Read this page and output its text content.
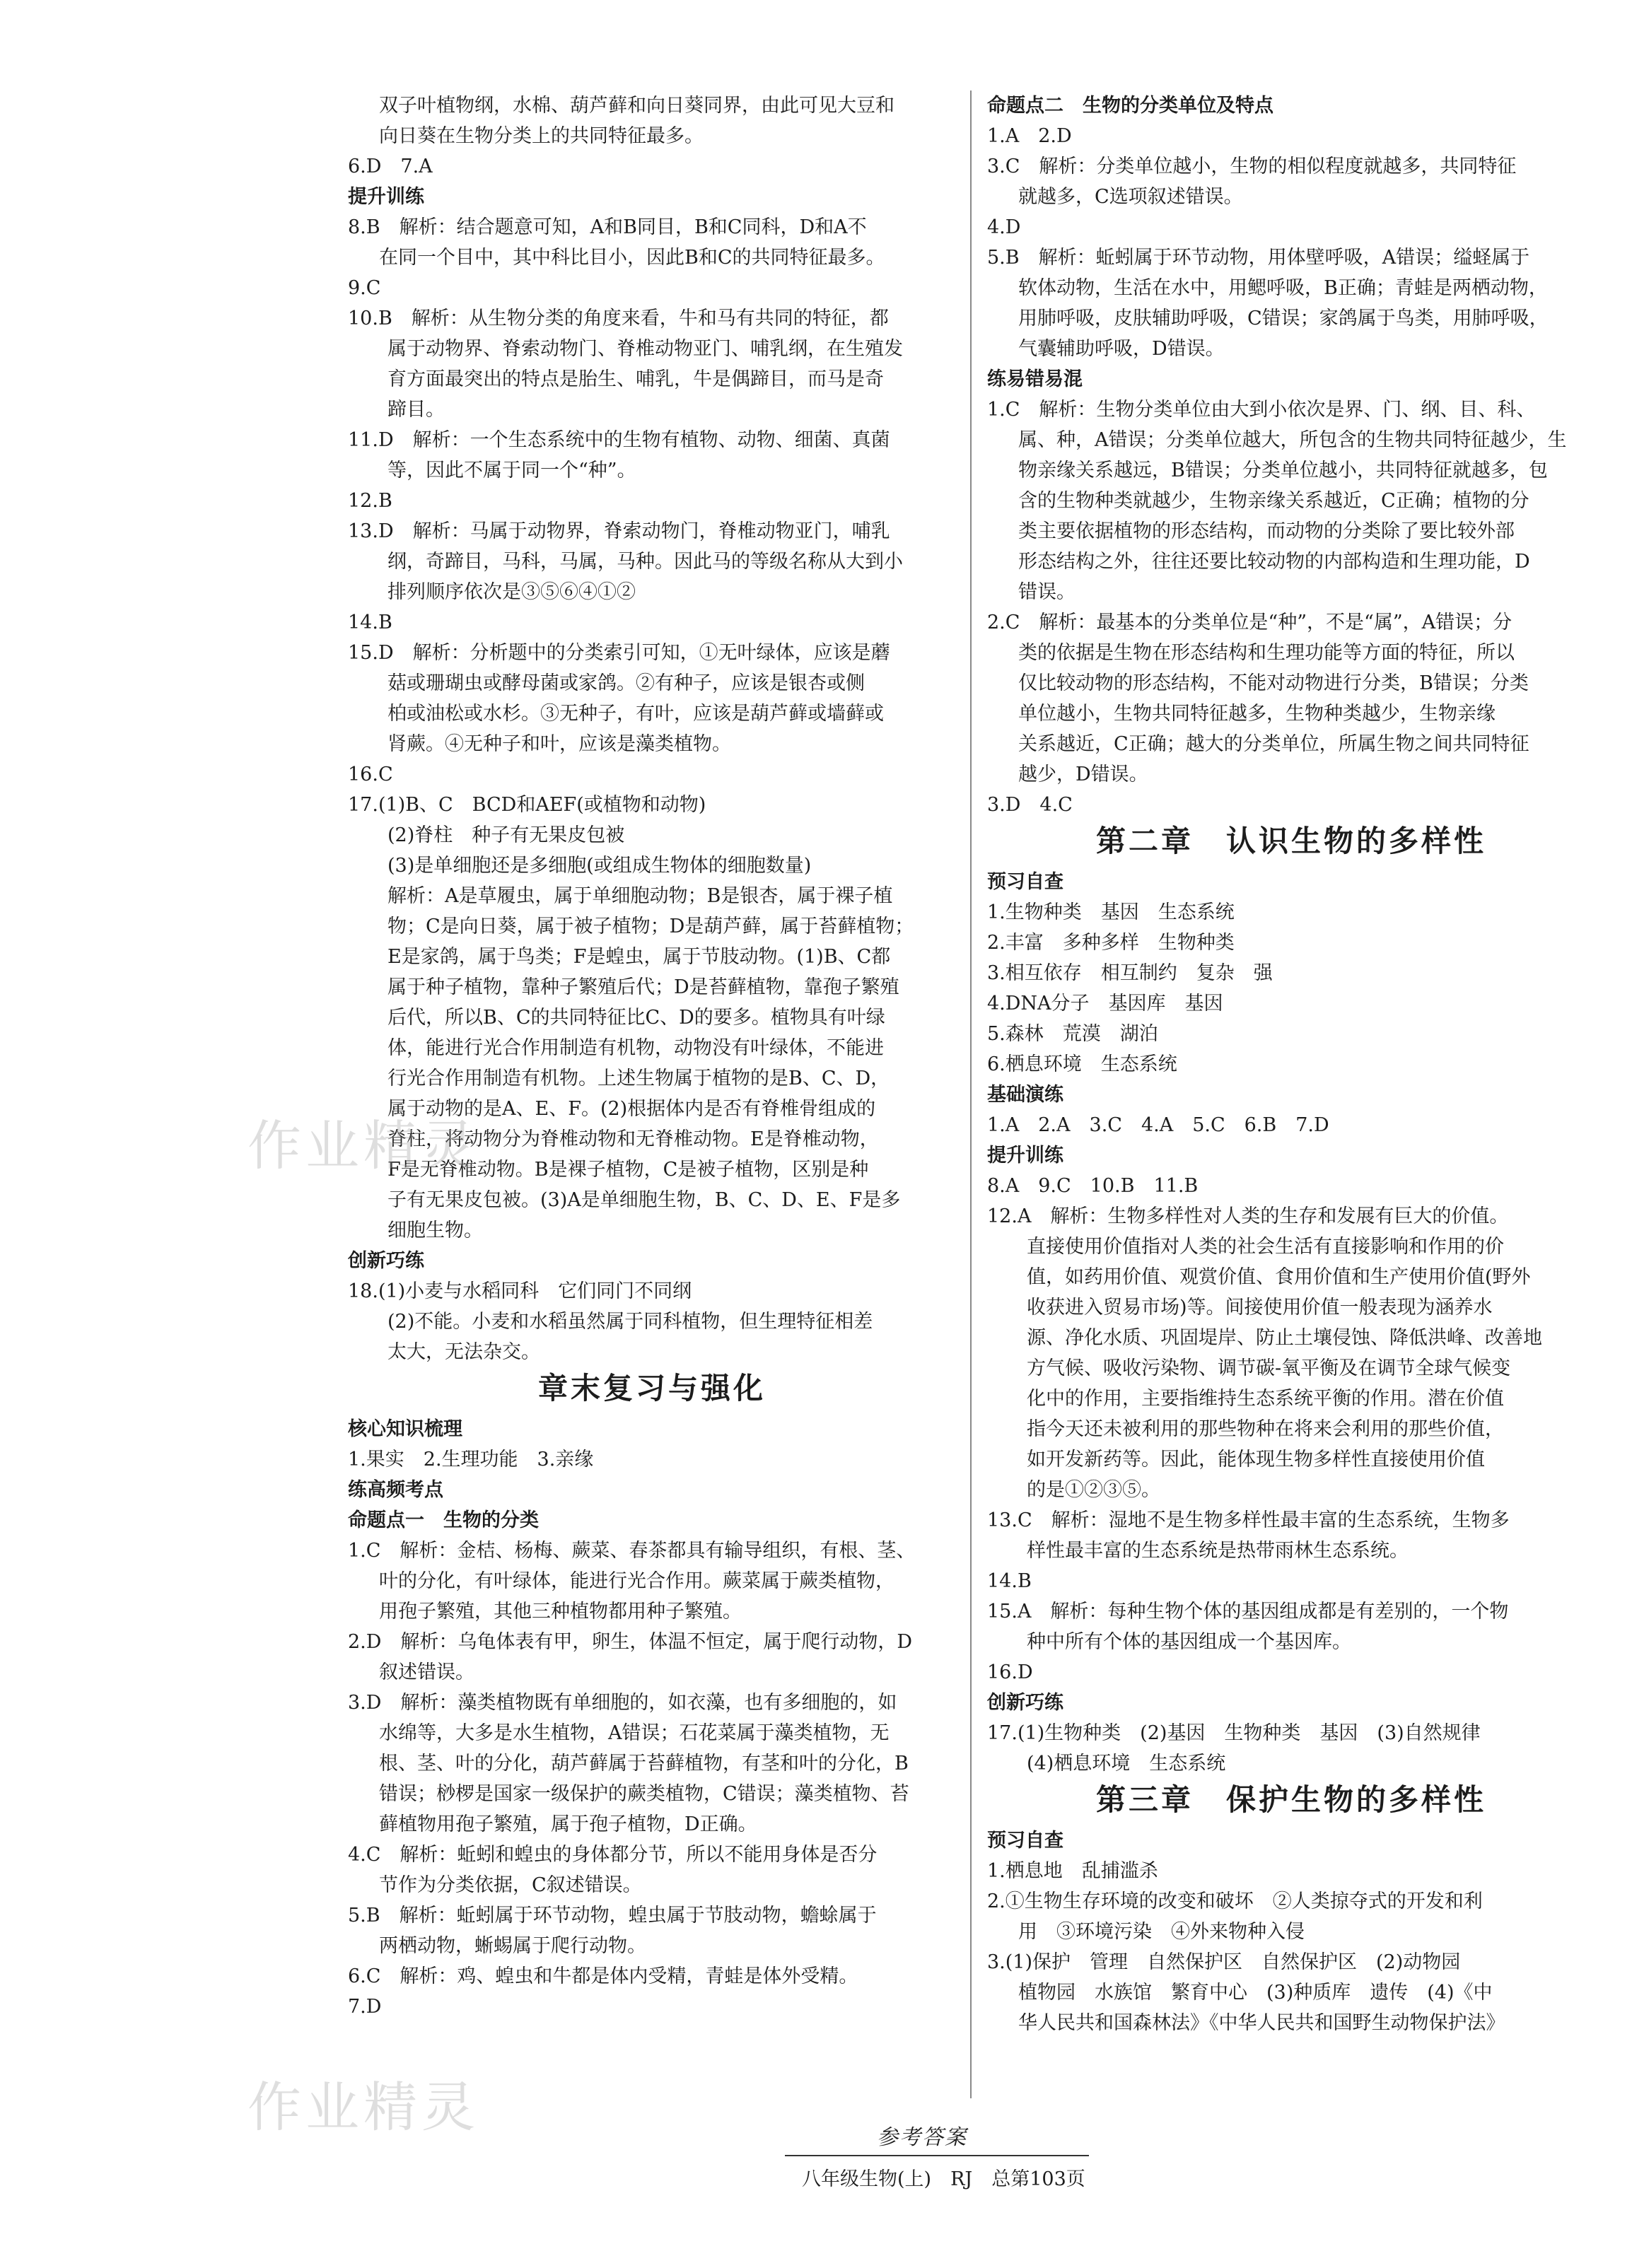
双子叶植物纲，水棉、葫芦藓和向日葵同界，由此可见大豆和
向日葵在生物分类上的共同特征最多。
6.D　7.A
提升训练
8.B　解析：结合题意可知，A和B同目，B和C同科，D和A不
在同一个目中，其中科比目小，因此B和C的共同特征最多。
9.C
10.B　解析：从生物分类的角度来看，牛和马有共同的特征，都
属于动物界、脊索动物门、脊椎动物亚门、哺乳纲，在生殖发
育方面最突出的特点是胎生、哺乳，牛是偶蹄目，而马是奇
蹄目。
11.D　解析：一个生态系统中的生物有植物、动物、细菌、真菌
等，因此不属于同一个“种”。
12.B
13.D　解析：马属于动物界，脊索动物门，脊椎动物亚门，哺乳
纲，奇蹄目，马科，马属，马种。因此马的等级名称从大到小
排列顺序依次是③⑤⑥④①②
14.B
15.D　解析：分析题中的分类索引可知，①无叶绿体，应该是蘑
菇或珊瑚虫或酵母菌或家鸽。②有种子，应该是银杏或侧
柏或油松或水杉。③无种子，有叶，应该是葫芦藓或墙藓或
肾蕨。④无种子和叶，应该是藻类植物。
16.C
17.(1)B、C　BCD和AEF(或植物和动物)
(2)脊柱　种子有无果皮包被
(3)是单细胞还是多细胞(或组成生物体的细胞数量)
解析：A是草履虫，属于单细胞动物；B是银杏，属于裸子植
物；C是向日葵，属于被子植物；D是葫芦藓，属于苔藓植物；
E是家鸽，属于鸟类；F是蝗虫，属于节肢动物。(1)B、C都
属于种子植物，靠种子繁殖后代；D是苔藓植物，靠孢子繁殖
后代，所以B、C的共同特征比C、D的要多。植物具有叶绿
体，能进行光合作用制造有机物，动物没有叶绿体，不能进
行光合作用制造有机物。上述生物属于植物的是B、C、D，
属于动物的是A、E、F。(2)根据体内是否有脊椎骨组成的
脊柱，将动物分为脊椎动物和无脊椎动物。E是脊椎动物，
F是无脊椎动物。B是裸子植物，C是被子植物，区别是种
子有无果皮包被。(3)A是单细胞生物，B、C、D、E、F是多
细胞生物。
创新巧练
18.(1)小麦与水稻同科　它们同门不同纲
(2)不能。小麦和水稻虽然属于同科植物，但生理特征相差
太大，无法杂交。
章末复习与强化
核心知识梳理
1.果实　2.生理功能　3.亲缘
练高频考点
命题点一　生物的分类
1.C　解析：金桔、杨梅、蕨菜、春茶都具有输导组织，有根、茎、
叶的分化，有叶绿体，能进行光合作用。蕨菜属于蕨类植物，
用孢子繁殖，其他三种植物都用种子繁殖。
2.D　解析：乌龟体表有甲，卵生，体温不恒定，属于爬行动物，D
叙述错误。
3.D　解析：藻类植物既有单细胞的，如衣藻，也有多细胞的，如
水绵等，大多是水生植物，A错误；石花菜属于藻类植物，无
根、茎、叶的分化，葫芦藓属于苔藓植物，有茎和叶的分化，B
错误；桫椤是国家一级保护的蕨类植物，C错误；藻类植物、苔
藓植物用孢子繁殖，属于孢子植物，D正确。
4.C　解析：蚯蚓和蝗虫的身体都分节，所以不能用身体是否分
节作为分类依据，C叙述错误。
5.B　解析：蚯蚓属于环节动物，蝗虫属于节肢动物，蟾蜍属于
两栖动物，蜥蜴属于爬行动物。
6.C　解析：鸡、蝗虫和牛都是体内受精，青蛙是体外受精。
7.D
命题点二　生物的分类单位及特点
1.A　2.D
3.C　解析：分类单位越小，生物的相似程度就越多，共同特征
就越多，C选项叙述错误。
4.D
5.B　解析：蚯蚓属于环节动物，用体壁呼吸，A错误；缢蛏属于
软体动物，生活在水中，用鳃呼吸，B正确；青蛙是两栖动物，
用肺呼吸，皮肤辅助呼吸，C错误；家鸽属于鸟类，用肺呼吸，
气囊辅助呼吸，D错误。
练易错易混
1.C　解析：生物分类单位由大到小依次是界、门、纲、目、科、
属、种，A错误；分类单位越大，所包含的生物共同特征越少，生
物亲缘关系越远，B错误；分类单位越小，共同特征就越多，包
含的生物种类就越少，生物亲缘关系越近，C正确；植物的分
类主要依据植物的形态结构，而动物的分类除了要比较外部
形态结构之外，往往还要比较动物的内部构造和生理功能，D
错误。
2.C　解析：最基本的分类单位是“种”，不是“属”，A错误；分
类的依据是生物在形态结构和生理功能等方面的特征，所以
仅比较动物的形态结构，不能对动物进行分类，B错误；分类
单位越小，生物共同特征越多，生物种类越少，生物亲缘
关系越近，C正确；越大的分类单位，所属生物之间共同特征
越少，D错误。
3.D　4.C
第二章　认识生物的多样性
预习自查
1.生物种类　基因　生态系统
2.丰富　多种多样　生物种类
3.相互依存　相互制约　复杂　强
4.DNA分子　基因库　基因
5.森林　荒漠　湖泊
6.栖息环境　生态系统
基础演练
1.A　2.A　3.C　4.A　5.C　6.B　7.D
提升训练
8.A　9.C　10.B　11.B
12.A　解析：生物多样性对人类的生存和发展有巨大的价值。
直接使用价值指对人类的社会生活有直接影响和作用的价
值，如药用价值、观赏价值、食用价值和生产使用价值(野外
收获进入贸易市场)等。间接使用价值一般表现为涵养水
源、净化水质、巩固堤岸、防止土壤侵蚀、降低洪峰、改善地
方气候、吸收污染物、调节碳-氧平衡及在调节全球气候变
化中的作用，主要指维持生态系统平衡的作用。潜在价值
指今天还未被利用的那些物种在将来会利用的那些价值，
如开发新药等。因此，能体现生物多样性直接使用价值
的是①②③⑤。
13.C　解析：湿地不是生物多样性最丰富的生态系统，生物多
样性最丰富的生态系统是热带雨林生态系统。
14.B
15.A　解析：每种生物个体的基因组成都是有差别的，一个物
种中所有个体的基因组成一个基因库。
16.D
创新巧练
17.(1)生物种类　(2)基因　生物种类　基因　(3)自然规律
(4)栖息环境　生态系统
第三章　保护生物的多样性
预习自查
1.栖息地　乱捕滥杀
2.①生物生存环境的改变和破坏　②人类掠夺式的开发和利
用　③环境污染　④外来物种入侵
3.(1)保护　管理　自然保护区　自然保护区　(2)动物园
植物园　水族馆　繁育中心　(3)种质库　遗传　(4)《中
华人民共和国森林法》《中华人民共和国野生动物保护法》
作业精灵
作业精灵	参考答案
八年级生物(上)　RJ　总第103页
